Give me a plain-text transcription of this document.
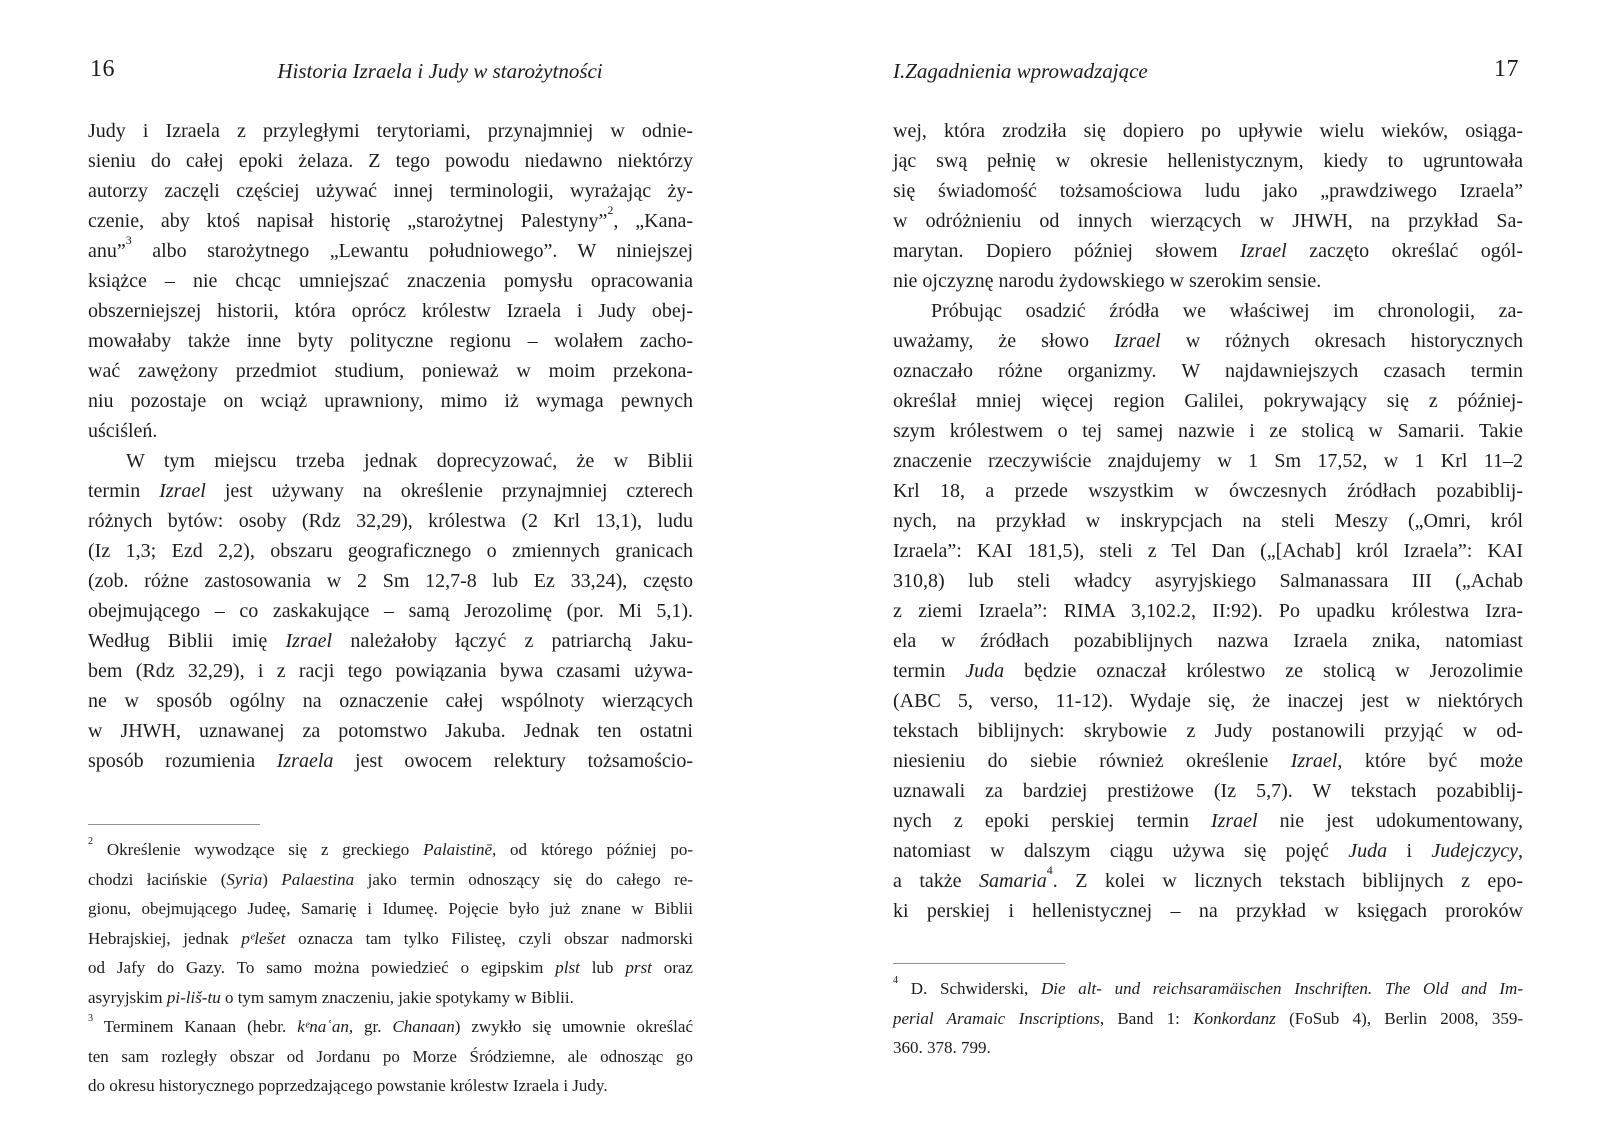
16	Historia Izraela i Judy w starożytności
Judy i Izraela z przyległymi terytoriami, przynajmniej w odnie-
sieniu do całej epoki żelaza. Z tego powodu niedawno niektórzy
autorzy zaczęli częściej używać innej terminologii, wyrażając ży-
czenie, aby ktoś napisał historię „starożytnej Palestyny”$^2$, „Kana-
anu”$^3$ albo starożytnego „Lewantu południowego”. W niniejszej
książce – nie chcąc umniejszać znaczenia pomysłu opracowania
obszerniejszej historii, która oprócz królestw Izraela i Judy obej-
mowałaby także inne byty polityczne regionu – wolałem zacho-
wać zawężony przedmiot studium, ponieważ w moim przekona-
niu pozostaje on wciąż uprawniony, mimo iż wymaga pewnych
uściśleń.
W tym miejscu trzeba jednak doprecyzować, że w Biblii
termin Izrael jest używany na określenie przynajmniej czterech
różnych bytów: osoby (Rdz 32,29), królestwa (2 Krl 13,1), ludu
(Iz 1,3; Ezd 2,2), obszaru geograficznego o zmiennych granicach
(zob. różne zastosowania w 2 Sm 12,7-8 lub Ez 33,24), często
obejmującego – co zaskakujące – samą Jerozolimę (por. Mi 5,1).
Według Biblii imię Izrael należałoby łączyć z patriarchą Jaku-
bem (Rdz 32,29), i z racji tego powiązania bywa czasami używa-
ne w sposób ogólny na oznaczenie całej wspólnoty wierzących
w JHWH, uznawanej za potomstwo Jakuba. Jednak ten ostatni
sposób rozumienia Izraela jest owocem relektury tożsamościo-
$^2$ Określenie wywodzące się z greckiego Palaistinē, od którego później po-
chodzi łacińskie (Syria) Palaestina jako termin odnoszący się do całego re-
gionu, obejmującego Judeę, Samarię i Idumeę. Pojęcie było już znane w Biblii
Hebrajskiej, jednak pᵉlešet oznacza tam tylko Filisteę, czyli obszar nadmorski
od Jafy do Gazy. To samo można powiedzieć o egipskim plst lub prst oraz
asyryjskim pi-liš-tu o tym samym znaczeniu, jakie spotykamy w Biblii.
$^3$ Terminem Kanaan (hebr. kᵉnaʿan, gr. Chanaan) zwykło się umownie określać
ten sam rozległy obszar od Jordanu po Morze Śródziemne, ale odnosząc go
do okresu historycznego poprzedzającego powstanie królestw Izraela i Judy.
I.Zagadnienia wprowadzające	17
wej, która zrodziła się dopiero po upływie wielu wieków, osiąga-
jąc swą pełnię w okresie hellenistycznym, kiedy to ugruntowała
się świadomość tożsamościowa ludu jako „prawdziwego Izraela”
w odróżnieniu od innych wierzących w JHWH, na przykład Sa-
marytan. Dopiero później słowem Izrael zaczęto określać ogól-
nie ojczyznę narodu żydowskiego w szerokim sensie.
Próbując osadzić źródła we właściwej im chronologii, za-
uważamy, że słowo Izrael w różnych okresach historycznych
oznaczało różne organizmy. W najdawniejszych czasach termin
określał mniej więcej region Galilei, pokrywający się z później-
szym królestwem o tej samej nazwie i ze stolicą w Samarii. Takie
znaczenie rzeczywiście znajdujemy w 1 Sm 17,52, w 1 Krl 11–2
Krl 18, a przede wszystkim w ówczesnych źródłach pozabiblij-
nych, na przykład w inskrypcjach na steli Meszy („Omri, król
Izraela”: KAI 181,5), steli z Tel Dan („[Achab] król Izraela”: KAI
310,8) lub steli władcy asyryjskiego Salmanassara III („Achab
z ziemi Izraela”: RIMA 3,102.2, II:92). Po upadku królestwa Izra-
ela w źródłach pozabiblijnych nazwa Izraela znika, natomiast
termin Juda będzie oznaczał królestwo ze stolicą w Jerozolimie
(ABC 5, verso, 11-12). Wydaje się, że inaczej jest w niektórych
tekstach biblijnych: skrybowie z Judy postanowili przyjąć w od-
niesieniu do siebie również określenie Izrael, które być może
uznawali za bardziej prestiżowe (Iz 5,7). W tekstach pozabiblij-
nych z epoki perskiej termin Izrael nie jest udokumentowany,
natomiast w dalszym ciągu używa się pojęć Juda i Judejczycy,
a także Samaria$^4$. Z kolei w licznych tekstach biblijnych z epo-
ki perskiej i hellenistycznej – na przykład w księgach proroków
$^4$ D. Schwiderski, Die alt- und reichsaramäischen Inschriften. The Old and Im-
perial Aramaic Inscriptions, Band 1: Konkordanz (FoSub 4), Berlin 2008, 359-
360. 378. 799.
